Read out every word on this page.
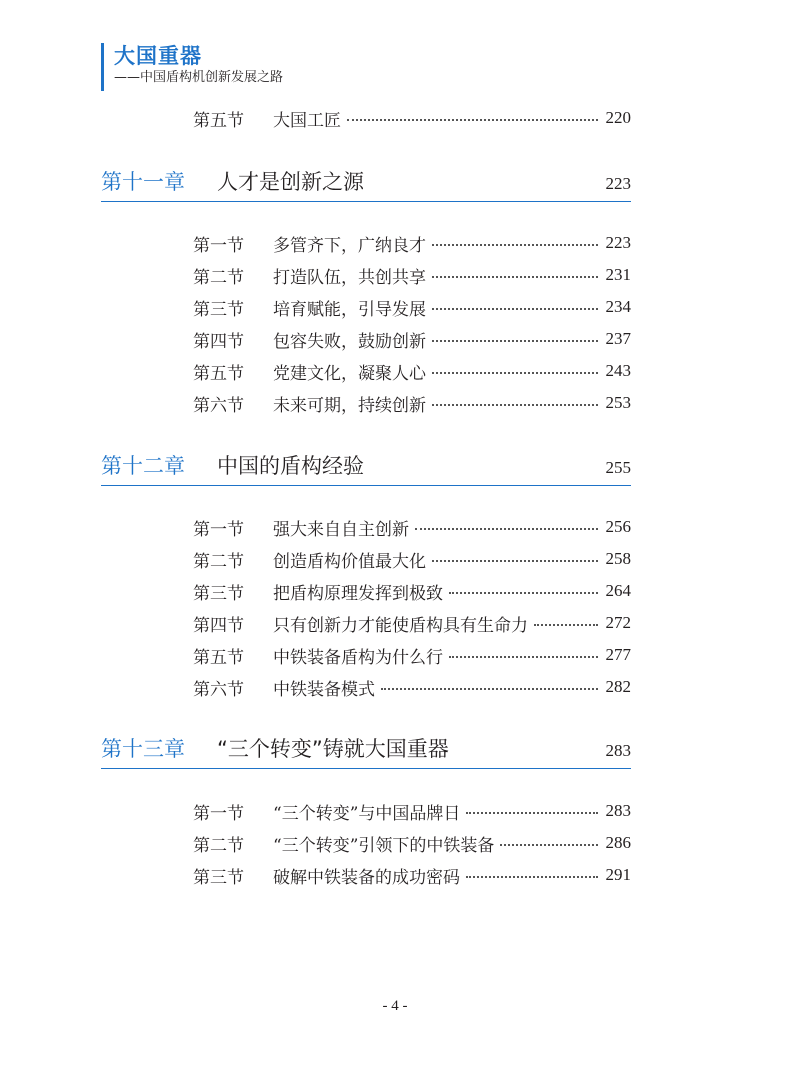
大国重器
——中国盾构机创新发展之路
第五节	大国工匠	220
第十一章	人才是创新之源	223
第一节	多管齐下，广纳良才	223
第二节	打造队伍，共创共享	231
第三节	培育赋能，引导发展	234
第四节	包容失败，鼓励创新	237
第五节	党建文化，凝聚人心	243
第六节	未来可期，持续创新	253
第十二章	中国的盾构经验	255
第一节	强大来自自主创新	256
第二节	创造盾构价值最大化	258
第三节	把盾构原理发挥到极致	264
第四节	只有创新力才能使盾构具有生命力	272
第五节	中铁装备盾构为什么行	277
第六节	中铁装备模式	282
第十三章	“三个转变”铸就大国重器	283
第一节	“三个转变”与中国品牌日	283
第二节	“三个转变”引领下的中铁装备	286
第三节	破解中铁装备的成功密码	291
- 4 -
